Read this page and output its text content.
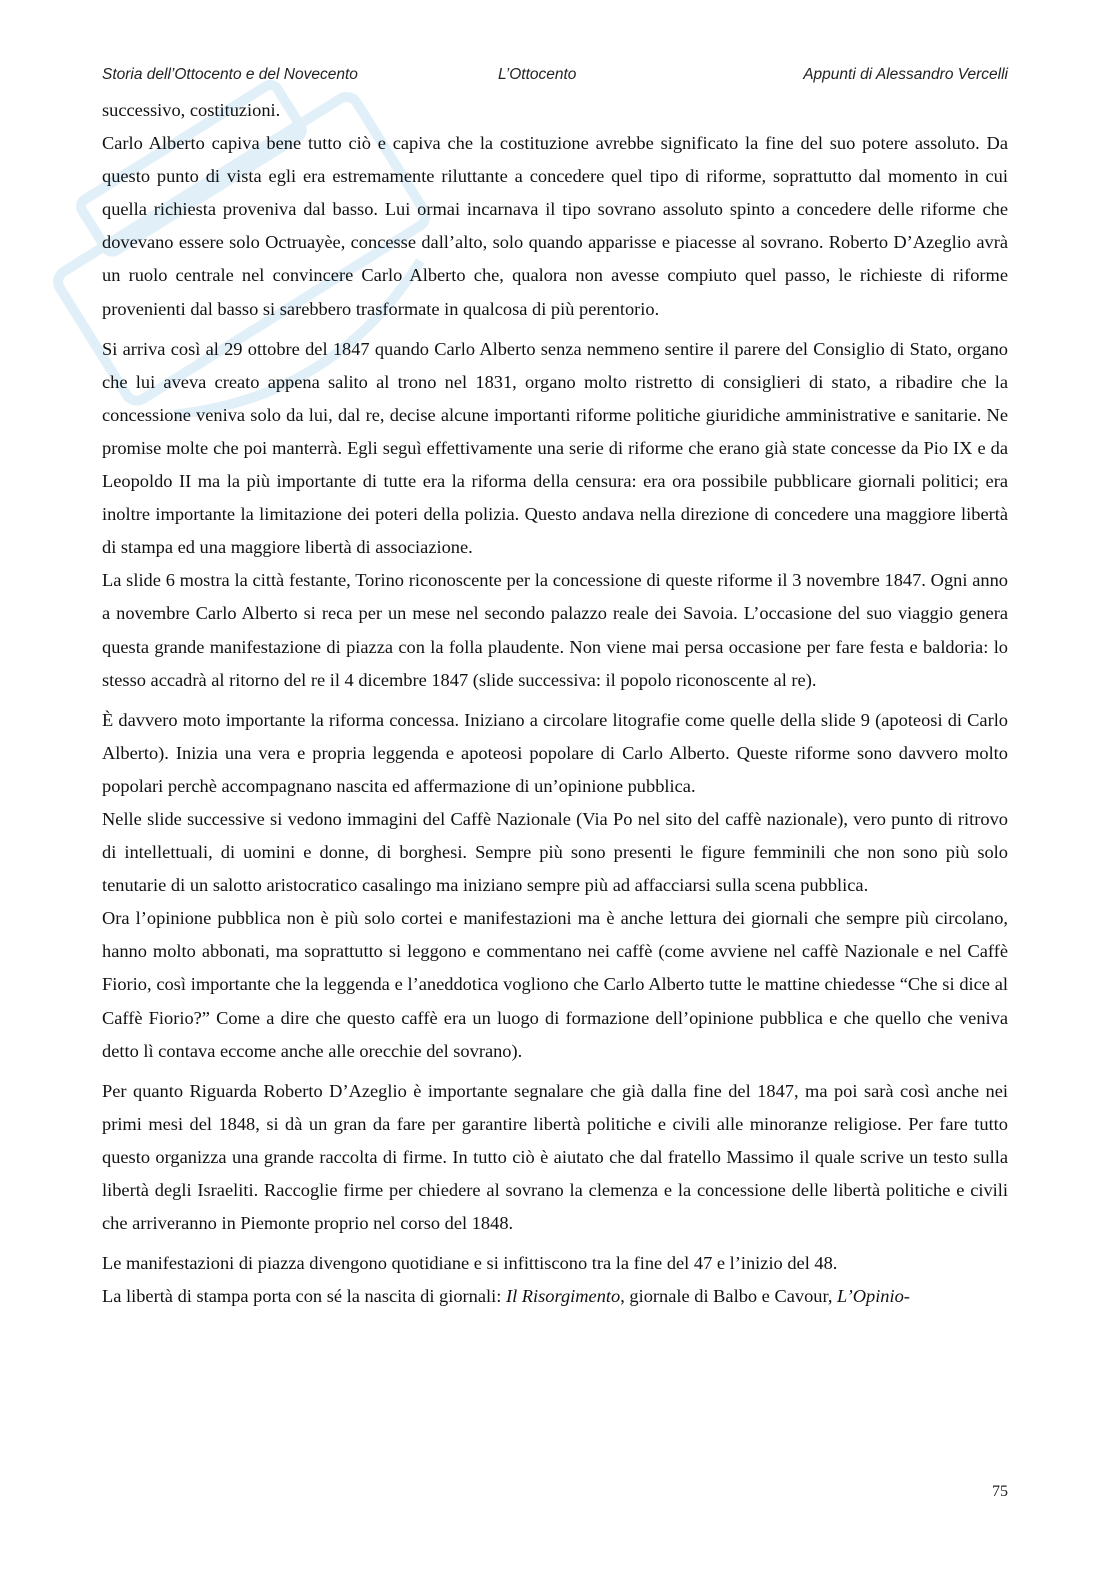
Storia dell’Ottocento e del Novecento	L’Ottocento	Appunti di Alessandro Vercelli

successivo, costituzioni.

Carlo Alberto capiva bene tutto ciò e capiva che la costituzione avrebbe significato la fine del suo potere assoluto. Da questo punto di vista egli era estremamente riluttante a concedere quel tipo di riforme, soprattutto dal momento in cui quella richiesta proveniva dal basso. Lui ormai incarnava il tipo sovrano assoluto spinto a concedere delle riforme che dovevano essere solo Octruayèe, concesse dall’alto, solo quando apparisse e piacesse al sovrano. Roberto D’Azeglio avrà un ruolo centrale nel convincere Carlo Alberto che, qualora non avesse compiuto quel passo, le richieste di riforme provenienti dal basso si sarebbero trasformate in qualcosa di più perentorio.

Si arriva così al 29 ottobre del 1847 quando Carlo Alberto senza nemmeno sentire il parere del Consiglio di Stato, organo che lui aveva creato appena salito al trono nel 1831, organo molto ristretto di consiglieri di stato, a ribadire che la concessione veniva solo da lui, dal re, decise alcune importanti riforme politiche giuridiche amministrative e sanitarie. Ne promise molte che poi manterrà. Egli seguì effettivamente una serie di riforme che erano già state concesse da Pio IX e da Leopoldo II ma la più importante di tutte era la riforma della censura: era ora possibile pubblicare giornali politici; era inoltre importante la limitazione dei poteri della polizia. Questo andava nella direzione di concedere una maggiore libertà di stampa ed una maggiore libertà di associazione.

La slide 6 mostra la città festante, Torino riconoscente per la concessione di queste riforme il 3 novembre 1847. Ogni anno a novembre Carlo Alberto si reca per un mese nel secondo palazzo reale dei Savoia. L’occasione del suo viaggio genera questa grande manifestazione di piazza con la folla plaudente. Non viene mai persa occasione per fare festa e baldoria: lo stesso accadrà al ritorno del re il 4 dicembre 1847 (slide successiva: il popolo riconoscente al re).

È davvero moto importante la riforma concessa. Iniziano a circolare litografie come quelle della slide 9 (apoteosi di Carlo Alberto). Inizia una vera e propria leggenda e apoteosi popolare di Carlo Alberto. Queste riforme sono davvero molto popolari perchè accompagnano nascita ed affermazione di un’opinione pubblica.

Nelle slide successive si vedono immagini del Caffè Nazionale (Via Po nel sito del caffè nazionale), vero punto di ritrovo di intellettuali, di uomini e donne, di borghesi. Sempre più sono presenti le figure femminili che non sono più solo tenutarie di un salotto aristocratico casalingo ma iniziano sempre più ad affacciarsi sulla scena pubblica.

Ora l’opinione pubblica non è più solo cortei e manifestazioni ma è anche lettura dei giornali che sempre più circolano, hanno molto abbonati, ma soprattutto si leggono e commentano nei caffè (come avviene nel caffè Nazionale e nel Caffè Fiorio, così importante che la leggenda e l’aneddotica vogliono che Carlo Alberto tutte le mattine chiedesse “Che si dice al Caffè Fiorio?” Come a dire che questo caffè era un luogo di formazione dell’opinione pubblica e che quello che veniva detto lì contava eccome anche alle orecchie del sovrano).

Per quanto Riguarda Roberto D’Azeglio è importante segnalare che già dalla fine del 1847, ma poi sarà così anche nei primi mesi del 1848, si dà un gran da fare per garantire libertà politiche e civili alle minoranze religiose. Per fare tutto questo organizza una grande raccolta di firme. In tutto ciò è aiutato che dal fratello Massimo il quale scrive un testo sulla libertà degli Israeliti. Raccoglie firme per chiedere al sovrano la clemenza e la concessione delle libertà politiche e civili che arriveranno in Piemonte proprio nel corso del 1848.

Le manifestazioni di piazza divengono quotidiane e si infittiscono tra la fine del 47 e l’inizio del 48.

La libertà di stampa porta con sé la nascita di giornali: Il Risorgimento, giornale di Balbo e Cavour, L’Opinio-

75
